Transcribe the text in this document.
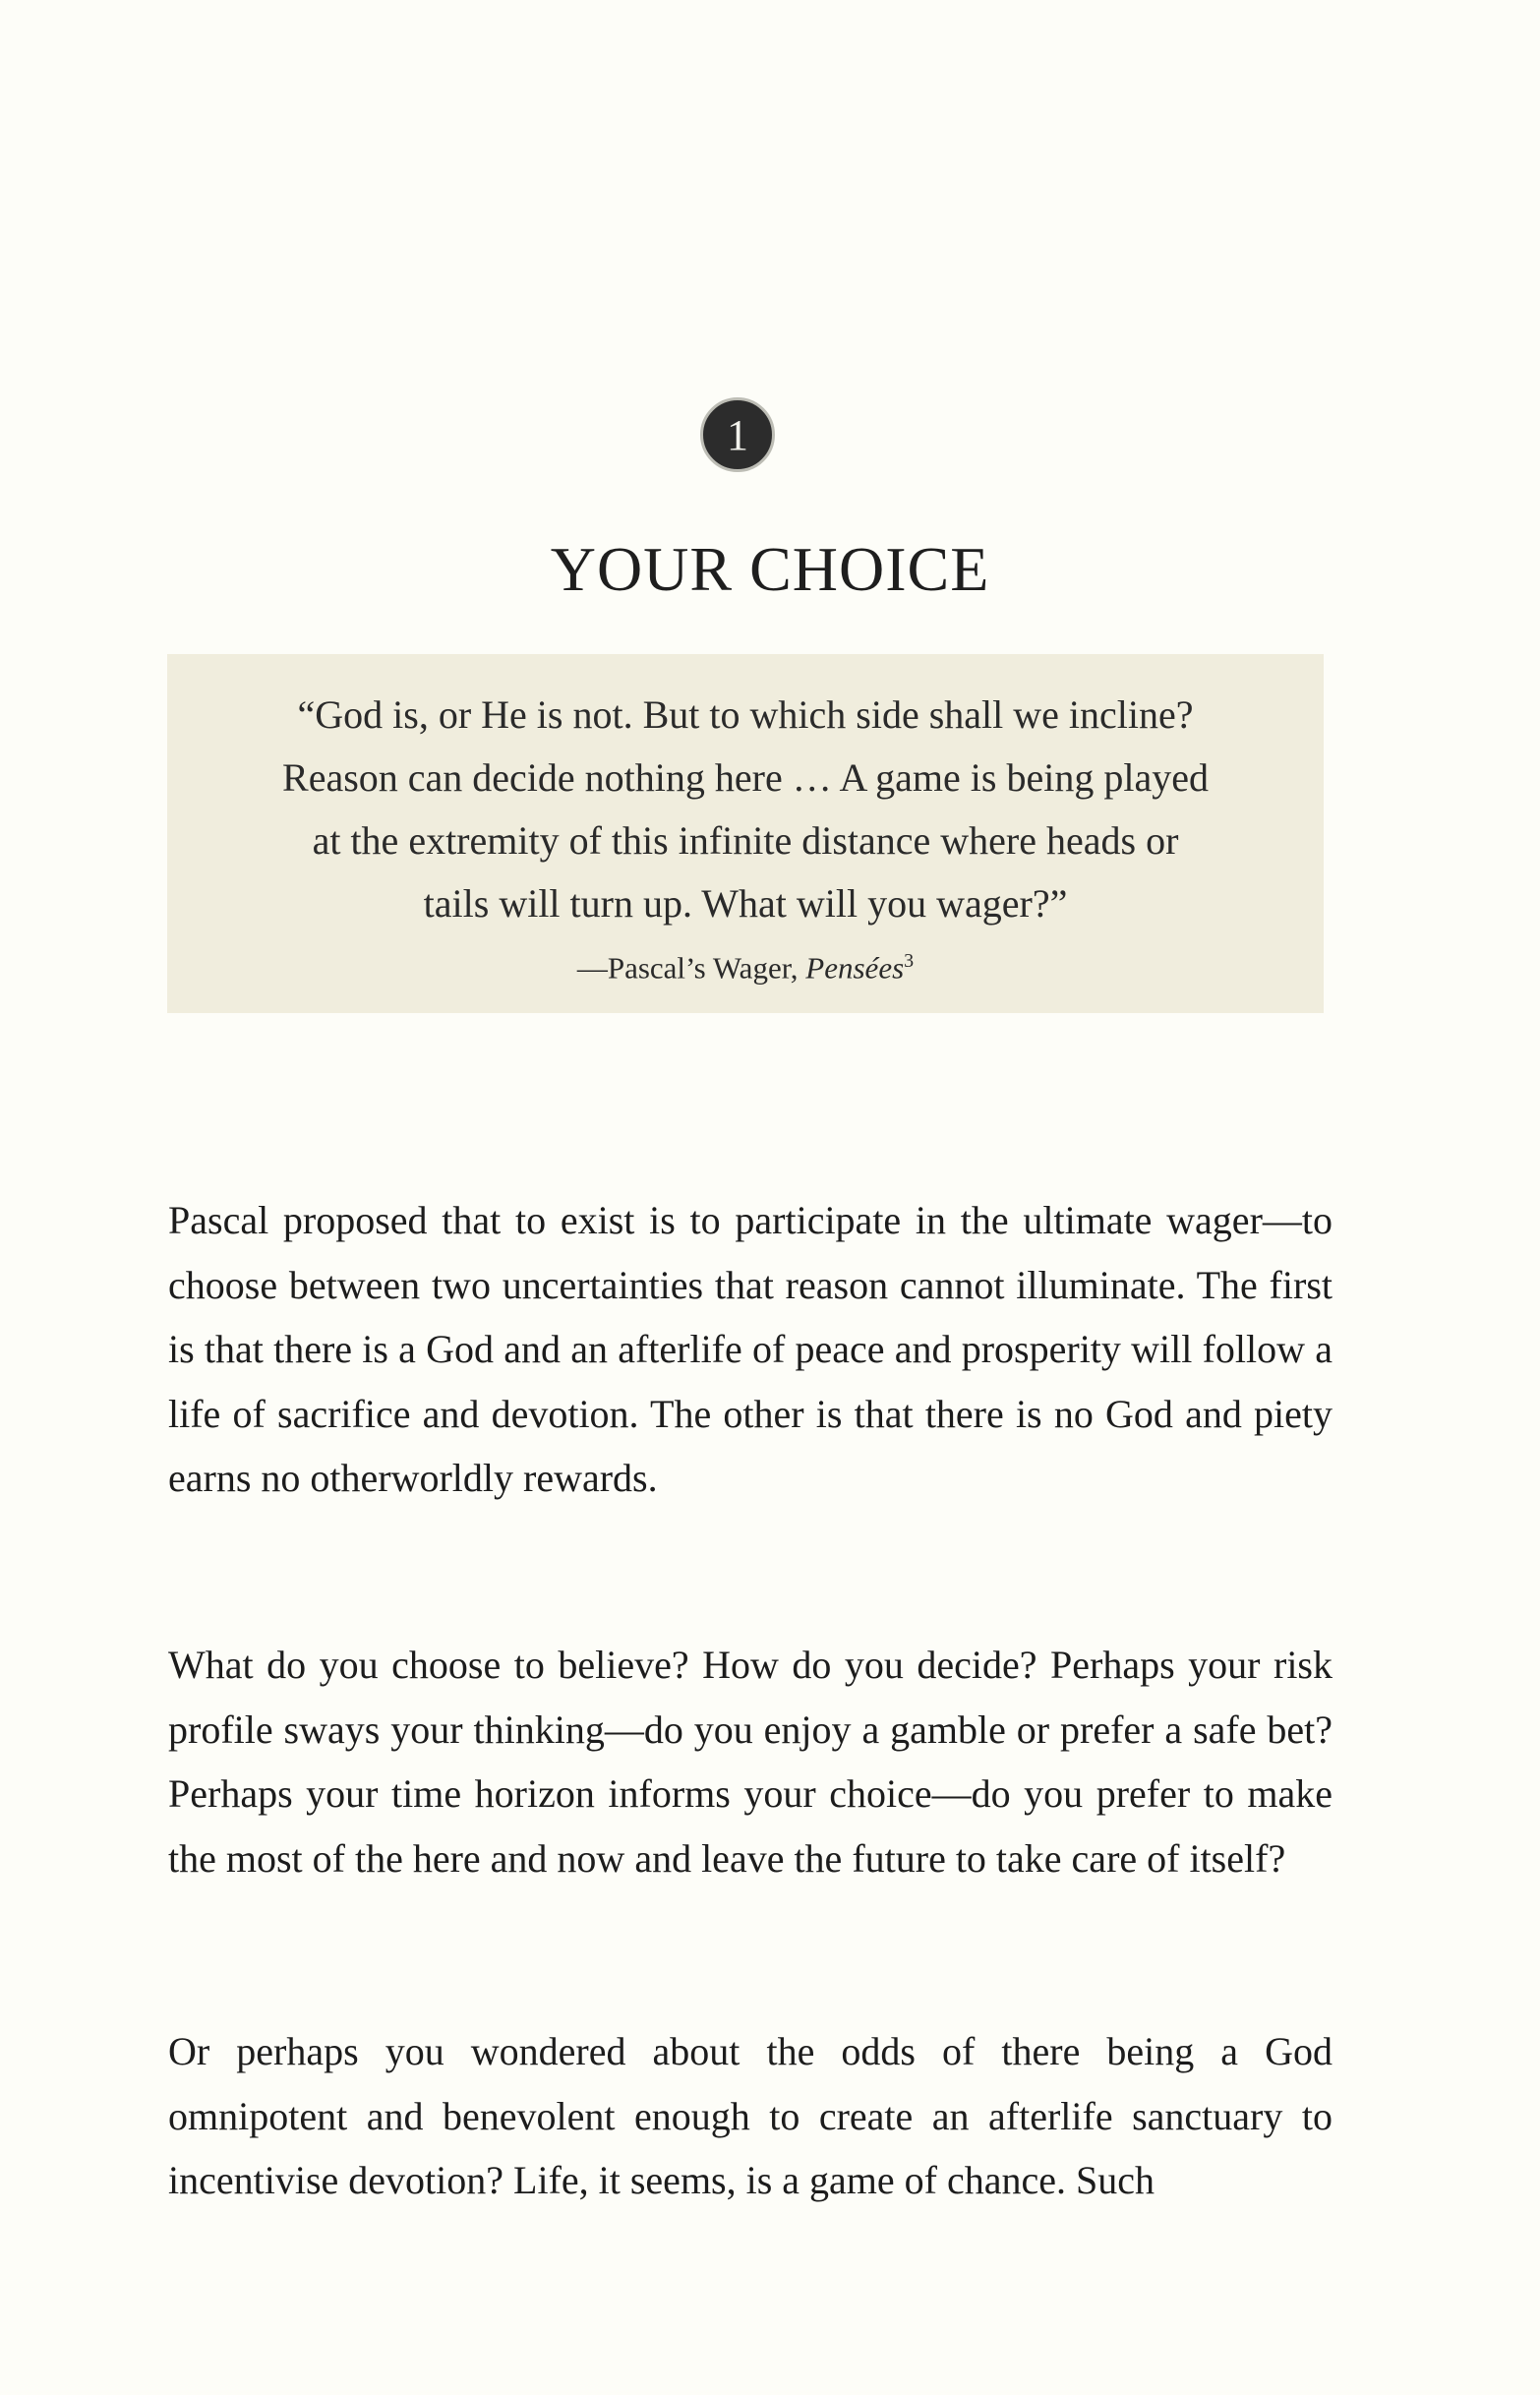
1
YOUR CHOICE
“God is, or He is not. But to which side shall we incline?
Reason can decide nothing here … A game is being played
at the extremity of this infinite distance where heads or
tails will turn up. What will you wager?”
—Pascal’s Wager, Pensées$^3$

Pascal proposed that to exist is to participate in the ultimate wager—to choose between two uncertainties that reason cannot illuminate. The first is that there is a God and an afterlife of peace and prosperity will follow a life of sacrifice and devotion. The other is that there is no God and piety earns no otherworldly rewards.

What do you choose to believe? How do you decide? Perhaps your risk profile sways your thinking—do you enjoy a gamble or prefer a safe bet? Perhaps your time horizon informs your choice—do you prefer to make the most of the here and now and leave the future to take care of itself?

Or perhaps you wondered about the odds of there being a God omnipotent and benevolent enough to create an afterlife sanctuary to incentivise devotion? Life, it seems, is a game of chance. Such
